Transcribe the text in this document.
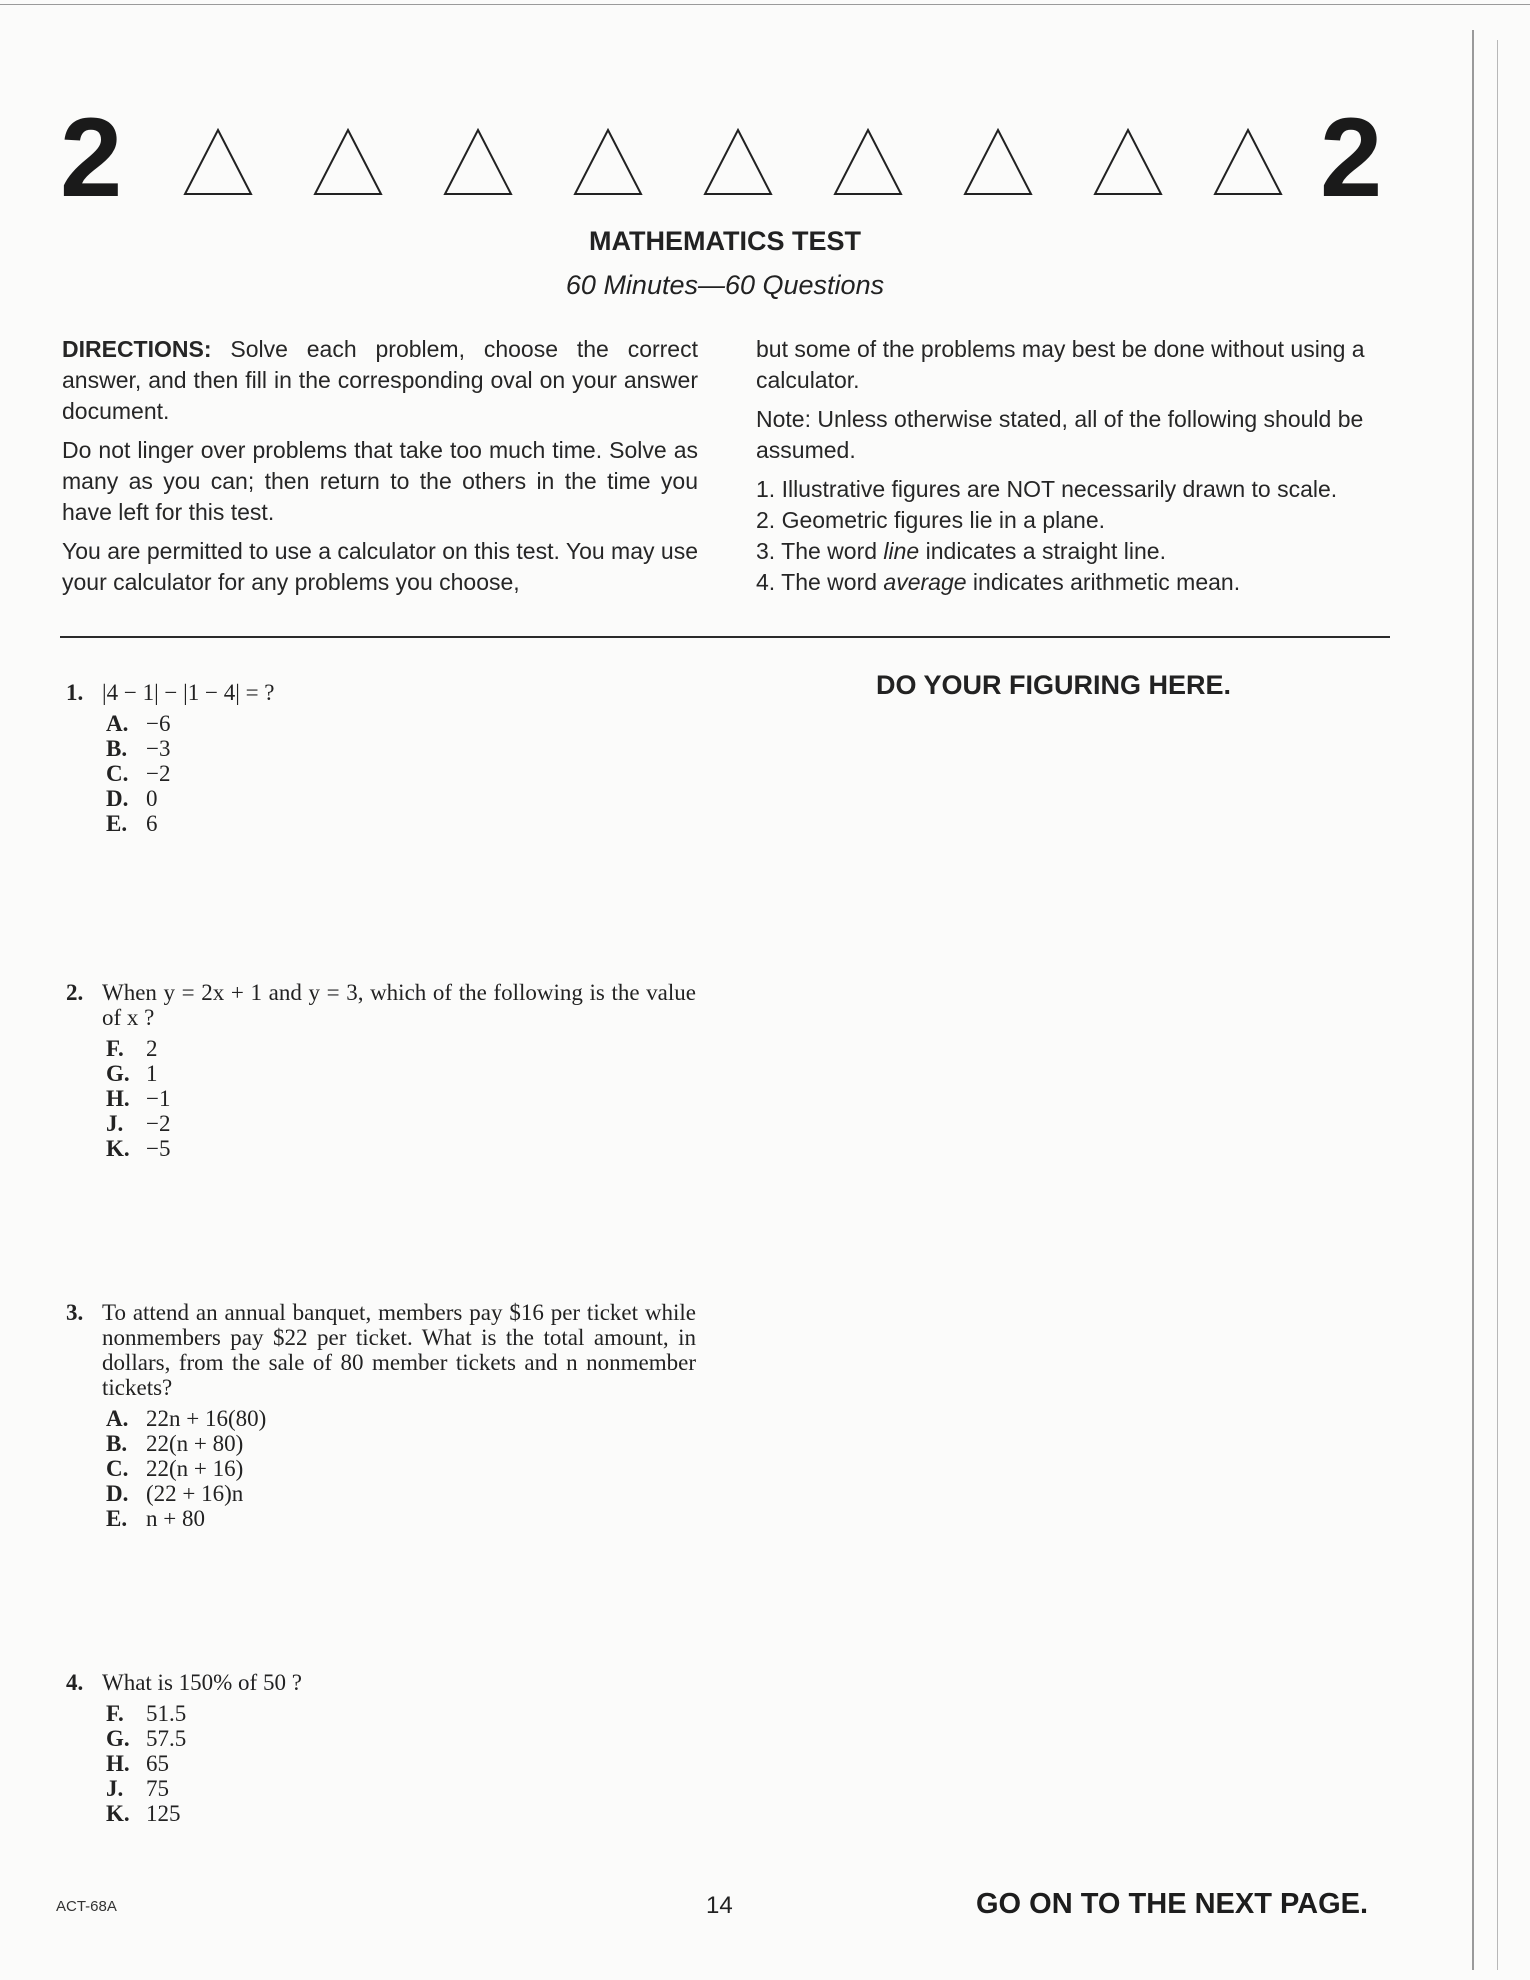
2	2
MATHEMATICS TEST
60 Minutes—60 Questions

DIRECTIONS: Solve each problem, choose the correct answer, and then fill in the corresponding oval on your answer document.

Do not linger over problems that take too much time. Solve as many as you can; then return to the others in the time you have left for this test.

You are permitted to use a calculator on this test. You may use your calculator for any problems you choose,

but some of the problems may best be done without using a calculator.

Note: Unless otherwise stated, all of the following should be assumed.

1. Illustrative figures are NOT necessarily drawn to scale.
2. Geometric figures lie in a plane.
3. The word line indicates a straight line.
4. The word average indicates arithmetic mean.
DO YOUR FIGURING HERE.
1. |4 − 1| − |1 − 4| = ?
A. −6
B. −3
C. −2
D. 0
E. 6
2. When y = 2x + 1 and y = 3, which of the following is the value of x ?
F. 2
G. 1
H. −1
J. −2
K. −5
3. To attend an annual banquet, members pay $16 per ticket while nonmembers pay $22 per ticket. What is the total amount, in dollars, from the sale of 80 member tickets and n nonmember tickets?
A. 22n + 16(80)
B. 22(n + 80)
C. 22(n + 16)
D. (22 + 16)n
E. n + 80
4. What is 150% of 50 ?
F. 51.5
G. 57.5
H. 65
J. 75
K. 125
ACT-68A	14	GO ON TO THE NEXT PAGE.
